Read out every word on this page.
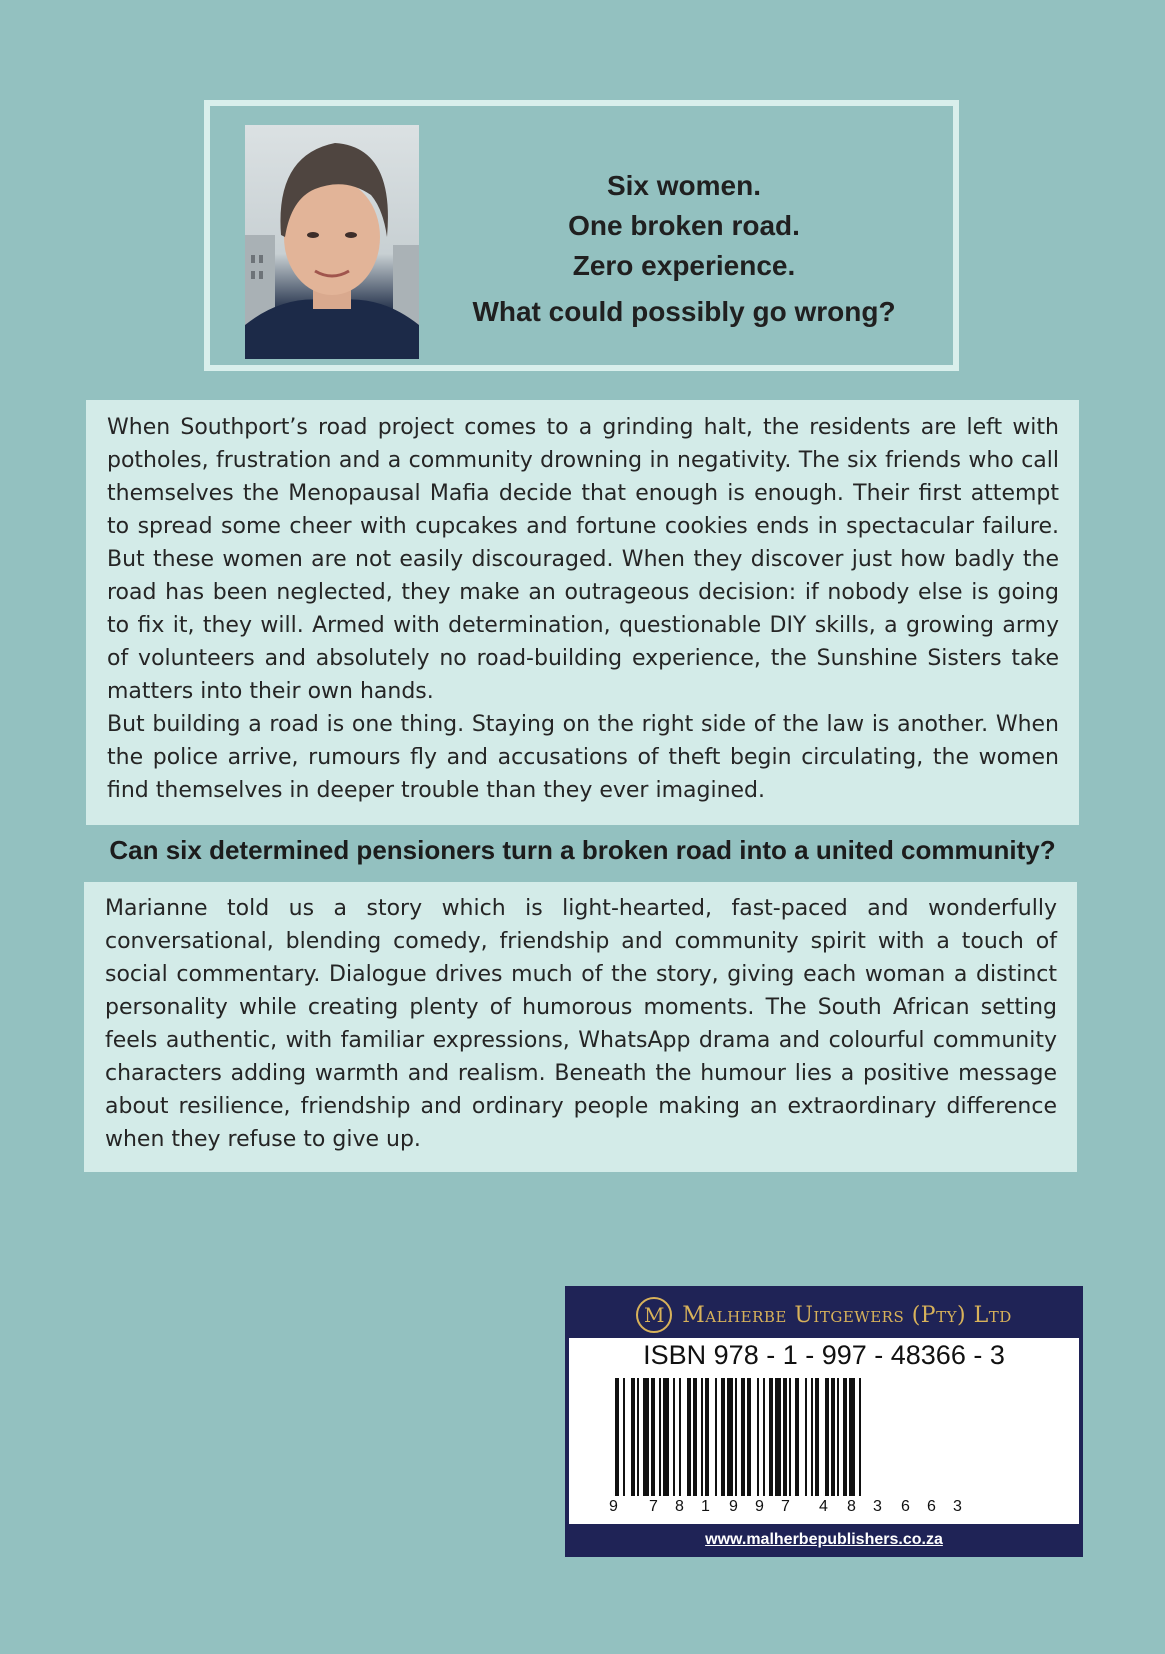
Six women.
One broken road.
Zero experience.
What could possibly go wrong?

When Southport’s road project comes to a grinding halt, the residents are left with potholes, frustration and a community drowning in negativity. The six friends who call themselves the Menopausal Mafia decide that enough is enough. Their first attempt to spread some cheer with cupcakes and fortune cookies ends in spectacular failure. But these women are not easily discouraged. When they discover just how badly the road has been neglected, they make an outrageous decision: if nobody else is going to fix it, they will. Armed with determination, questionable DIY skills, a growing army of volunteers and absolutely no road-building experience, the Sunshine Sisters take matters into their own hands.

But building a road is one thing. Staying on the right side of the law is another. When the police arrive, rumours fly and accusations of theft begin circulating, the women find themselves in deeper trouble than they ever imagined.

Can six determined pensioners turn a broken road into a united community?

Marianne told us a story which is light-hearted, fast-paced and wonderfully conversational, blending comedy, friendship and community spirit with a touch of social commentary. Dialogue drives much of the story, giving each woman a distinct personality while creating plenty of humorous moments. The South African setting feels authentic, with familiar expressions, WhatsApp drama and colourful community characters adding warmth and realism. Beneath the humour lies a positive message about resilience, friendship and ordinary people making an extraordinary difference when they refuse to give up.

M Malherbe Uitgewers (Pty) Ltd
ISBN 978 - 1 - 997 - 48366 - 3
9 7 8 1 9 9 7 4 8 3 6 6 3
www.malherbepublishers.co.za
